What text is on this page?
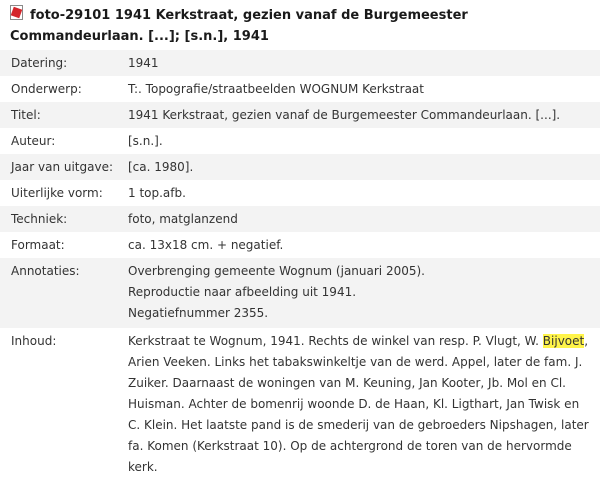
foto-29101 1941 Kerkstraat, gezien vanaf de Burgemeester Commandeurlaan. [...]; [s.n.], 1941
Datering:	1941
Onderwerp:	T:. Topografie/straatbeelden WOGNUM Kerkstraat
Titel:	1941 Kerkstraat, gezien vanaf de Burgemeester Commandeurlaan. [...].
Auteur:	[s.n.].
Jaar van uitgave:	[ca. 1980].
Uiterlijke vorm:	1 top.afb.
Techniek:	foto, matglanzend
Formaat:	ca. 13x18 cm. + negatief.
Annotaties:	Overbrenging gemeente Wognum (januari 2005).
Reproductie naar afbeelding uit 1941.
Negatiefnummer 2355.
Inhoud:	Kerkstraat te Wognum, 1941. Rechts de winkel van resp. P. Vlugt, W. Bijvoet, Arien Veeken. Links het tabakswinkeltje van de werd. Appel, later de fam. J. Zuiker. Daarnaast de woningen van M. Keuning, Jan Kooter, Jb. Mol en Cl. Huisman. Achter de bomenrij woonde D. de Haan, Kl. Ligthart, Jan Twisk en C. Klein. Het laatste pand is de smederij van de gebroeders Nipshagen, later fa. Komen (Kerkstraat 10). Op de achtergrond de toren van de hervormde kerk.
